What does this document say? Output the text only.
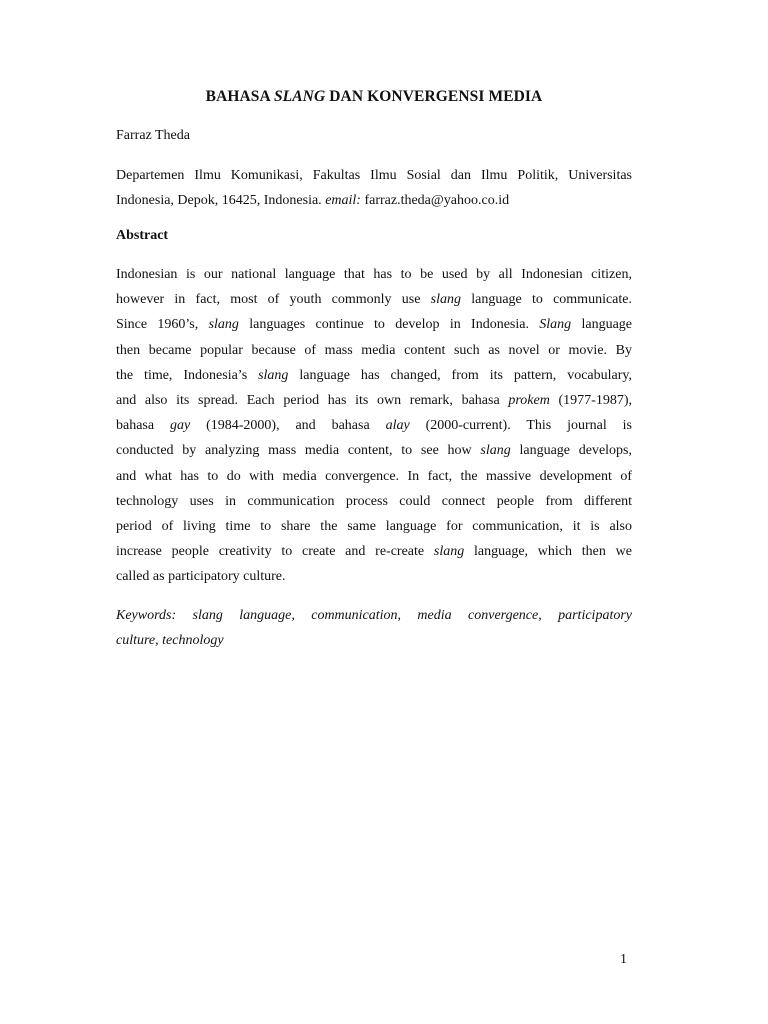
BAHASA SLANG DAN KONVERGENSI MEDIA
Farraz Theda
Departemen Ilmu Komunikasi, Fakultas Ilmu Sosial dan Ilmu Politik, Universitas
Indonesia, Depok, 16425, Indonesia. email: farraz.theda@yahoo.co.id
Abstract
Indonesian is our national language that has to be used by all Indonesian citizen,
however in fact, most of youth commonly use slang language to communicate.
Since 1960’s, slang languages continue to develop in Indonesia. Slang language
then became popular because of mass media content such as novel or movie. By
the time, Indonesia’s slang language has changed, from its pattern, vocabulary,
and also its spread. Each period has its own remark, bahasa prokem (1977-1987),
bahasa gay (1984-2000), and bahasa alay (2000-current). This journal is
conducted by analyzing mass media content, to see how slang language develops,
and what has to do with media convergence. In fact, the massive development of
technology uses in communication process could connect people from different
period of living time to share the same language for communication, it is also
increase people creativity to create and re-create slang language, which then we
called as participatory culture.
Keywords: slang language, communication, media convergence, participatory
culture, technology
1
